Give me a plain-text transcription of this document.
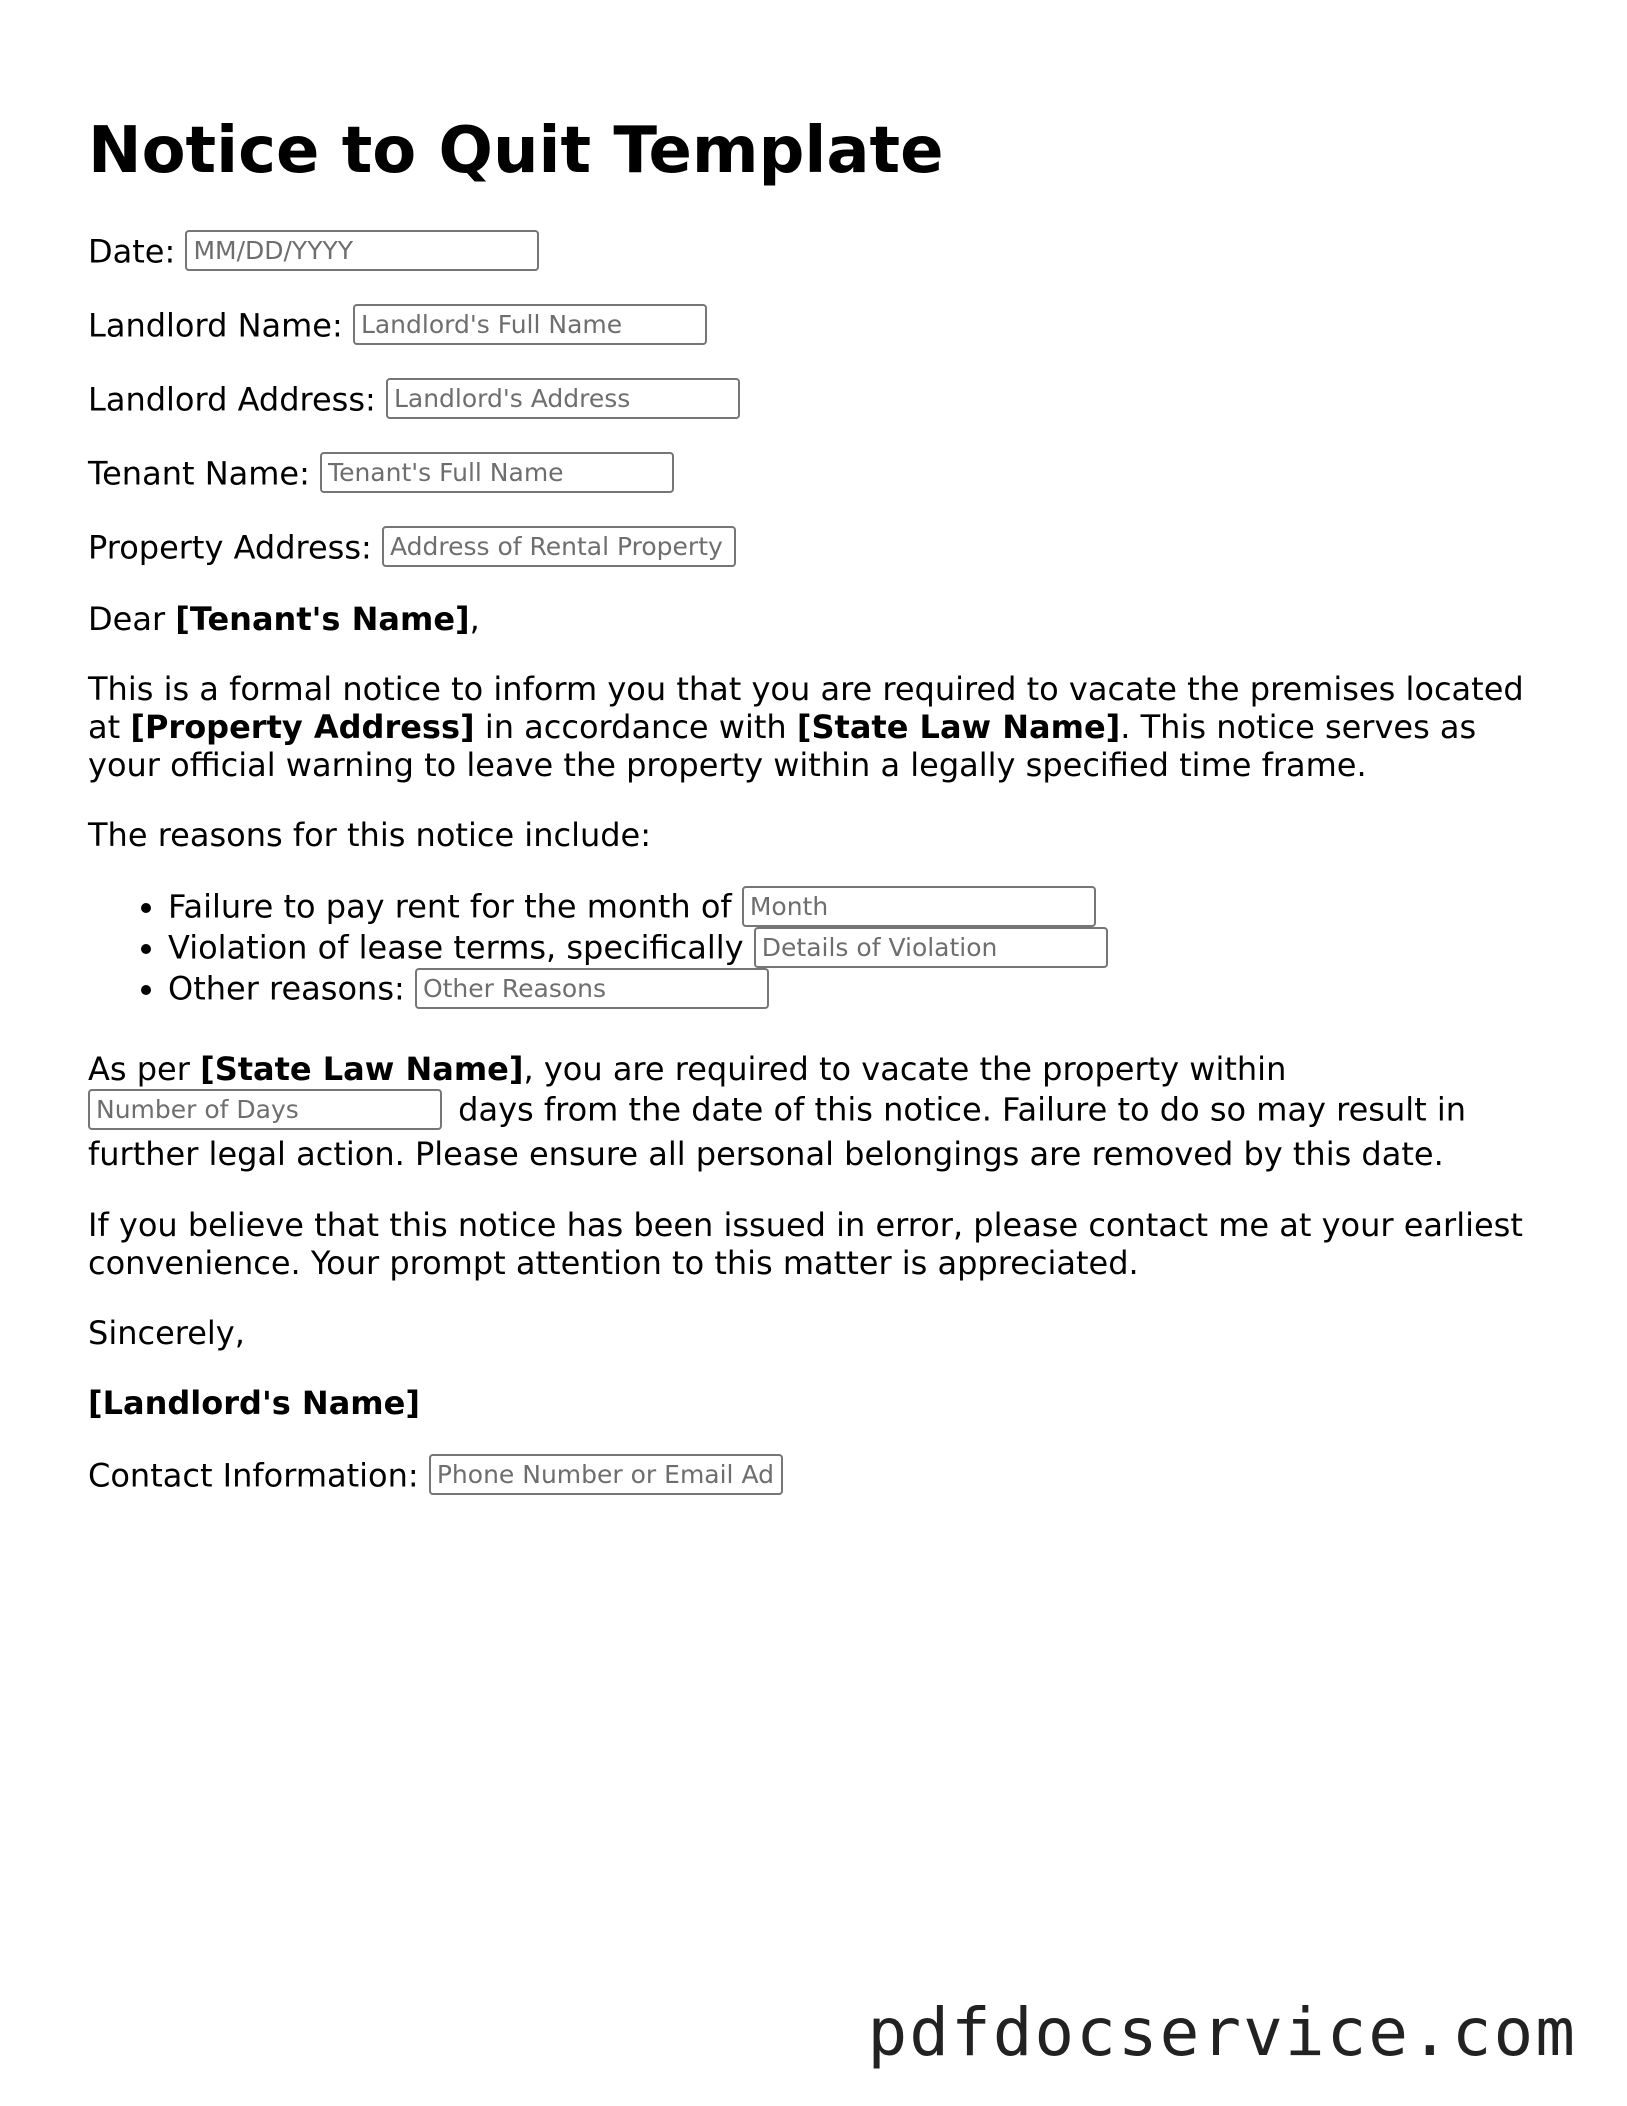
Notice to Quit Template
Date: MM/DD/YYYY
Landlord Name: Landlord's Full Name
Landlord Address: Landlord's Address
Tenant Name: Tenant's Full Name
Property Address: Address of Rental Property

Dear [Tenant's Name],

This is a formal notice to inform you that you are required to vacate the premises located at [Property Address] in accordance with [State Law Name]. This notice serves as your official warning to leave the property within a legally specified time frame.

The reasons for this notice include:

• Failure to pay rent for the month of Month
• Violation of lease terms, specifically Details of Violation
• Other reasons: Other Reasons

As per [State Law Name], you are required to vacate the property within
Number of Days days from the date of this notice. Failure to do so may result in further legal action. Please ensure all personal belongings are removed by this date.

If you believe that this notice has been issued in error, please contact me at your earliest convenience. Your prompt attention to this matter is appreciated.

Sincerely,

[Landlord's Name]

Contact Information: Phone Number or Email Address
pdfdocservice.com
